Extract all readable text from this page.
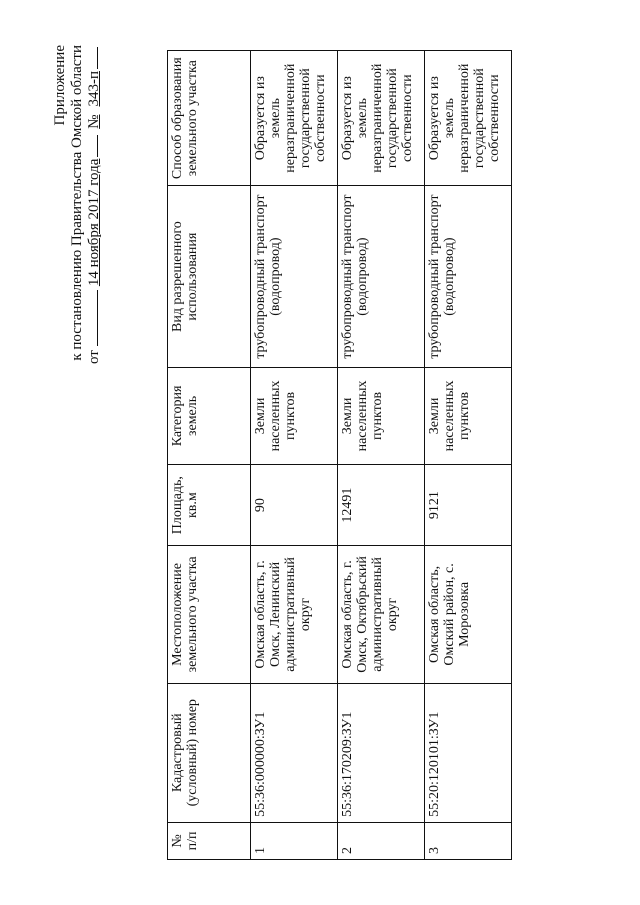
Приложение к постановлению Правительства Омской области от14 ноября 2017 года №343-п
№ п/п	Кадастровый (условный) номер	Местоположение земельного участка	Площадь, кв.м	Категория земель	Вид разрешенного использования	Способ образования земельного участка
1	55:36:000000:ЗУ1	Омская область, г. Омск, Ленинский административный округ	90	Земли населенных пунктов	трубопроводный транспорт (водопровод)	Образуется из земель неразграниченной государственной собственности
2	55:36:170209:ЗУ1	Омская область, г. Омск, Октябрьский административный округ	12491	Земли населенных пунктов	трубопроводный транспорт (водопровод)	Образуется из земель неразграниченной государственной собственности
3	55:20:120101:ЗУ1	Омская область, Омский район, с. Морозовка	9121	Земли населенных пунктов	трубопроводный транспорт (водопровод)	Образуется из земель неразграниченной государственной собственности
